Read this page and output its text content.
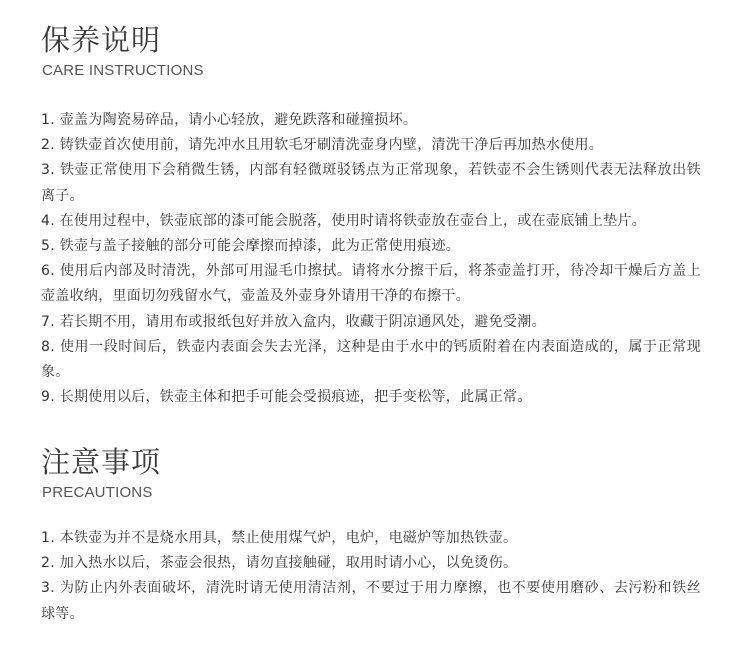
保养说明
CARE INSTRUCTIONS
1. 壶盖为陶瓷易碎品，请小心轻放，避免跌落和碰撞损坏。
2. 铸铁壶首次使用前，请先冲水且用软毛牙刷清洗壶身内壁，清洗干净后再加热水使用。
3. 铁壶正常使用下会稍微生锈，内部有轻微斑驳锈点为正常现象，若铁壶不会生锈则代表无法释放出铁离子。
4. 在使用过程中，铁壶底部的漆可能会脱落，使用时请将铁壶放在壶台上，或在壶底铺上垫片。
5. 铁壶与盖子接触的部分可能会摩擦而掉漆，此为正常使用痕迹。
6. 使用后内部及时清洗，外部可用湿毛巾擦拭。请将水分擦干后，将茶壶盖打开，待冷却干燥后方盖上壶盖收纳，里面切勿残留水气，壶盖及外壶身外请用干净的布擦干。
7. 若长期不用，请用布或报纸包好并放入盒内，收藏于阴凉通风处，避免受潮。
8. 使用一段时间后，铁壶内表面会失去光泽，这种是由于水中的钙质附着在内表面造成的，属于正常现象。
9. 长期使用以后，铁壶主体和把手可能会受损痕迹，把手变松等，此属正常。
注意事项
PRECAUTIONS
1. 本铁壶为并不是烧水用具，禁止使用煤气炉，电炉，电磁炉等加热铁壶。
2. 加入热水以后，茶壶会很热，请勿直接触碰，取用时请小心，以免烫伤。
3. 为防止内外表面破坏，清洗时请无使用清洁剂，不要过于用力摩擦，也不要使用磨砂、去污粉和铁丝球等。
